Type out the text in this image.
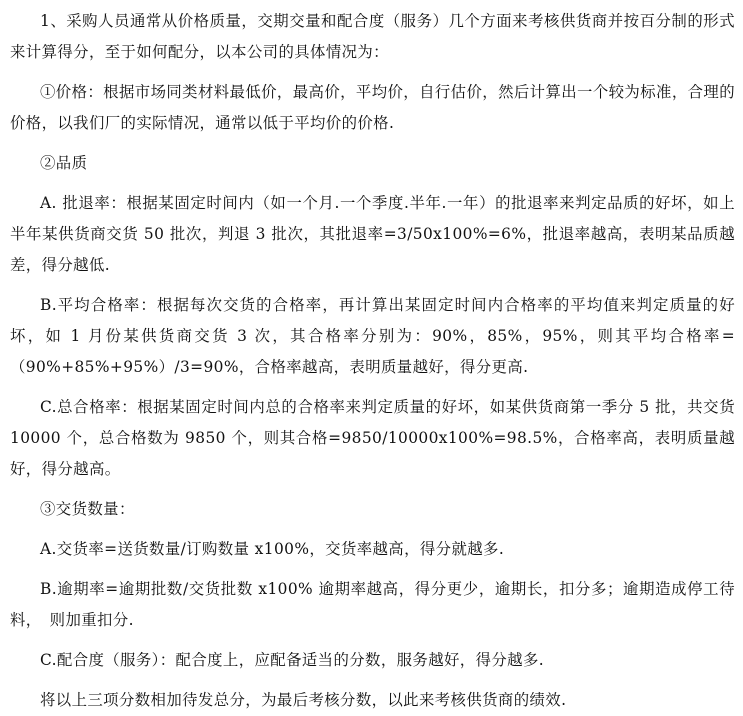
1、采购人员通常从价格质量，交期交量和配合度（服务）几个方面来考核供货商并按百分制的形式来计算得分，至于如何配分，以本公司的具体情况为：

①价格：根据市场同类材料最低价，最高价，平均价，自行估价，然后计算出一个较为标准，合理的价格，以我们厂的实际情况，通常以低于平均价的价格.

②品质

A. 批退率：根据某固定时间内（如一个月.一个季度.半年.一年）的批退率来判定品质的好坏，如上半年某供货商交货 50 批次，判退 3 批次，其批退率=3/50x100%=6%，批退率越高，表明某品质越差，得分越低.

B.平均合格率：根据每次交货的合格率，再计算出某固定时间内合格率的平均值来判定质量的好坏，如 1 月份某供货商交货 3 次，其合格率分别为：90%，85%，95%，则其平均合格率=（90%+85%+95%）/3=90%，合格率越高，表明质量越好，得分更高.

C.总合格率：根据某固定时间内总的合格率来判定质量的好坏，如某供货商第一季分 5 批，共交货 10000 个，总合格数为 9850 个，则其合格=9850/10000x100%=98.5%，合格率高，表明质量越好，得分越高。

③交货数量：

A.交货率=送货数量/订购数量 x100%，交货率越高，得分就越多.

B.逾期率=逾期批数/交货批数 x100% 逾期率越高，得分更少，逾期长，扣分多；逾期造成停工待料，　则加重扣分.

C.配合度（服务）：配合度上，应配备适当的分数，服务越好，得分越多.

将以上三项分数相加待发总分，为最后考核分数，以此来考核供货商的绩效.
